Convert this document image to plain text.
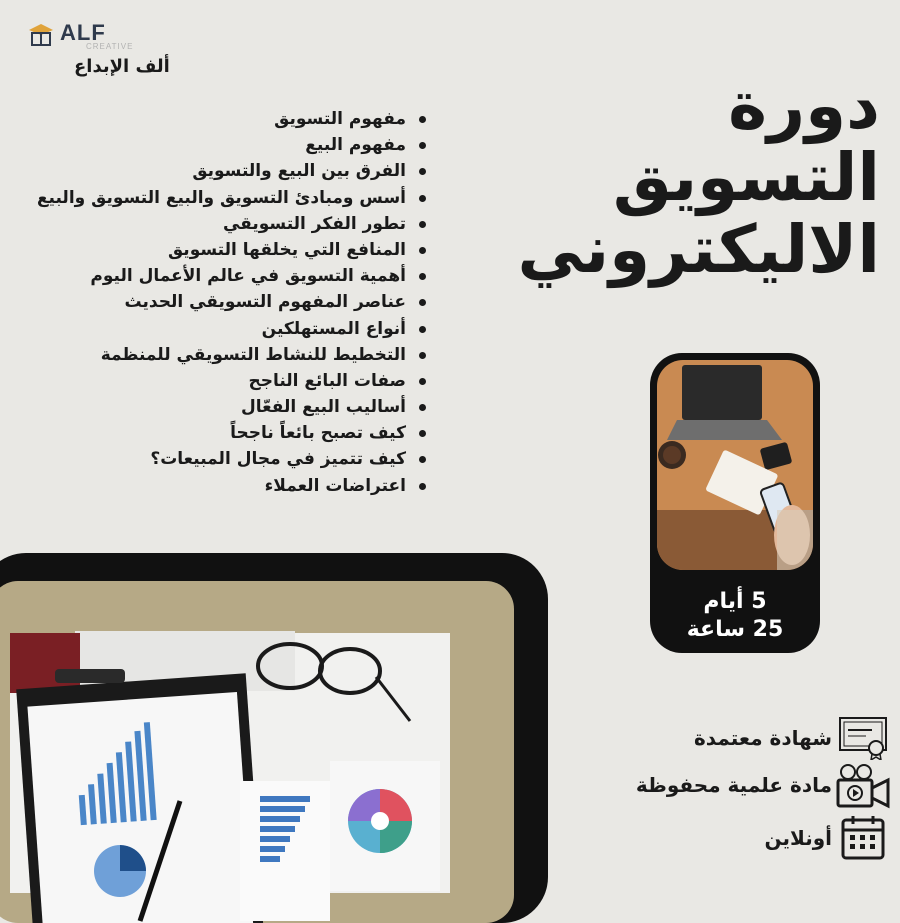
ALF
CREATIVE
ألف الإبداع
دورة
التسويق
الاليكتروني
مفهوم التسويق
مفهوم البيع
الفرق بين البيع والتسويق
أسس ومبادئ التسويق والبيع التسويق والبيع
تطور الفكر التسويقي
المنافع التي يخلقها التسويق
أهمية التسويق في عالم الأعمال اليوم
عناصر المفهوم التسويقي الحديث
أنواع المستهلكين
التخطيط للنشاط التسويقي للمنظمة
صفات البائع الناجح
أساليب البيع الفعّال
كيف تصبح بائعاً ناجحاً
كيف تتميز في مجال المبيعات؟
اعتراضات العملاء
5 أيام
25 ساعة
شهادة معتمدة
مادة علمية محفوظة
أونلاين
